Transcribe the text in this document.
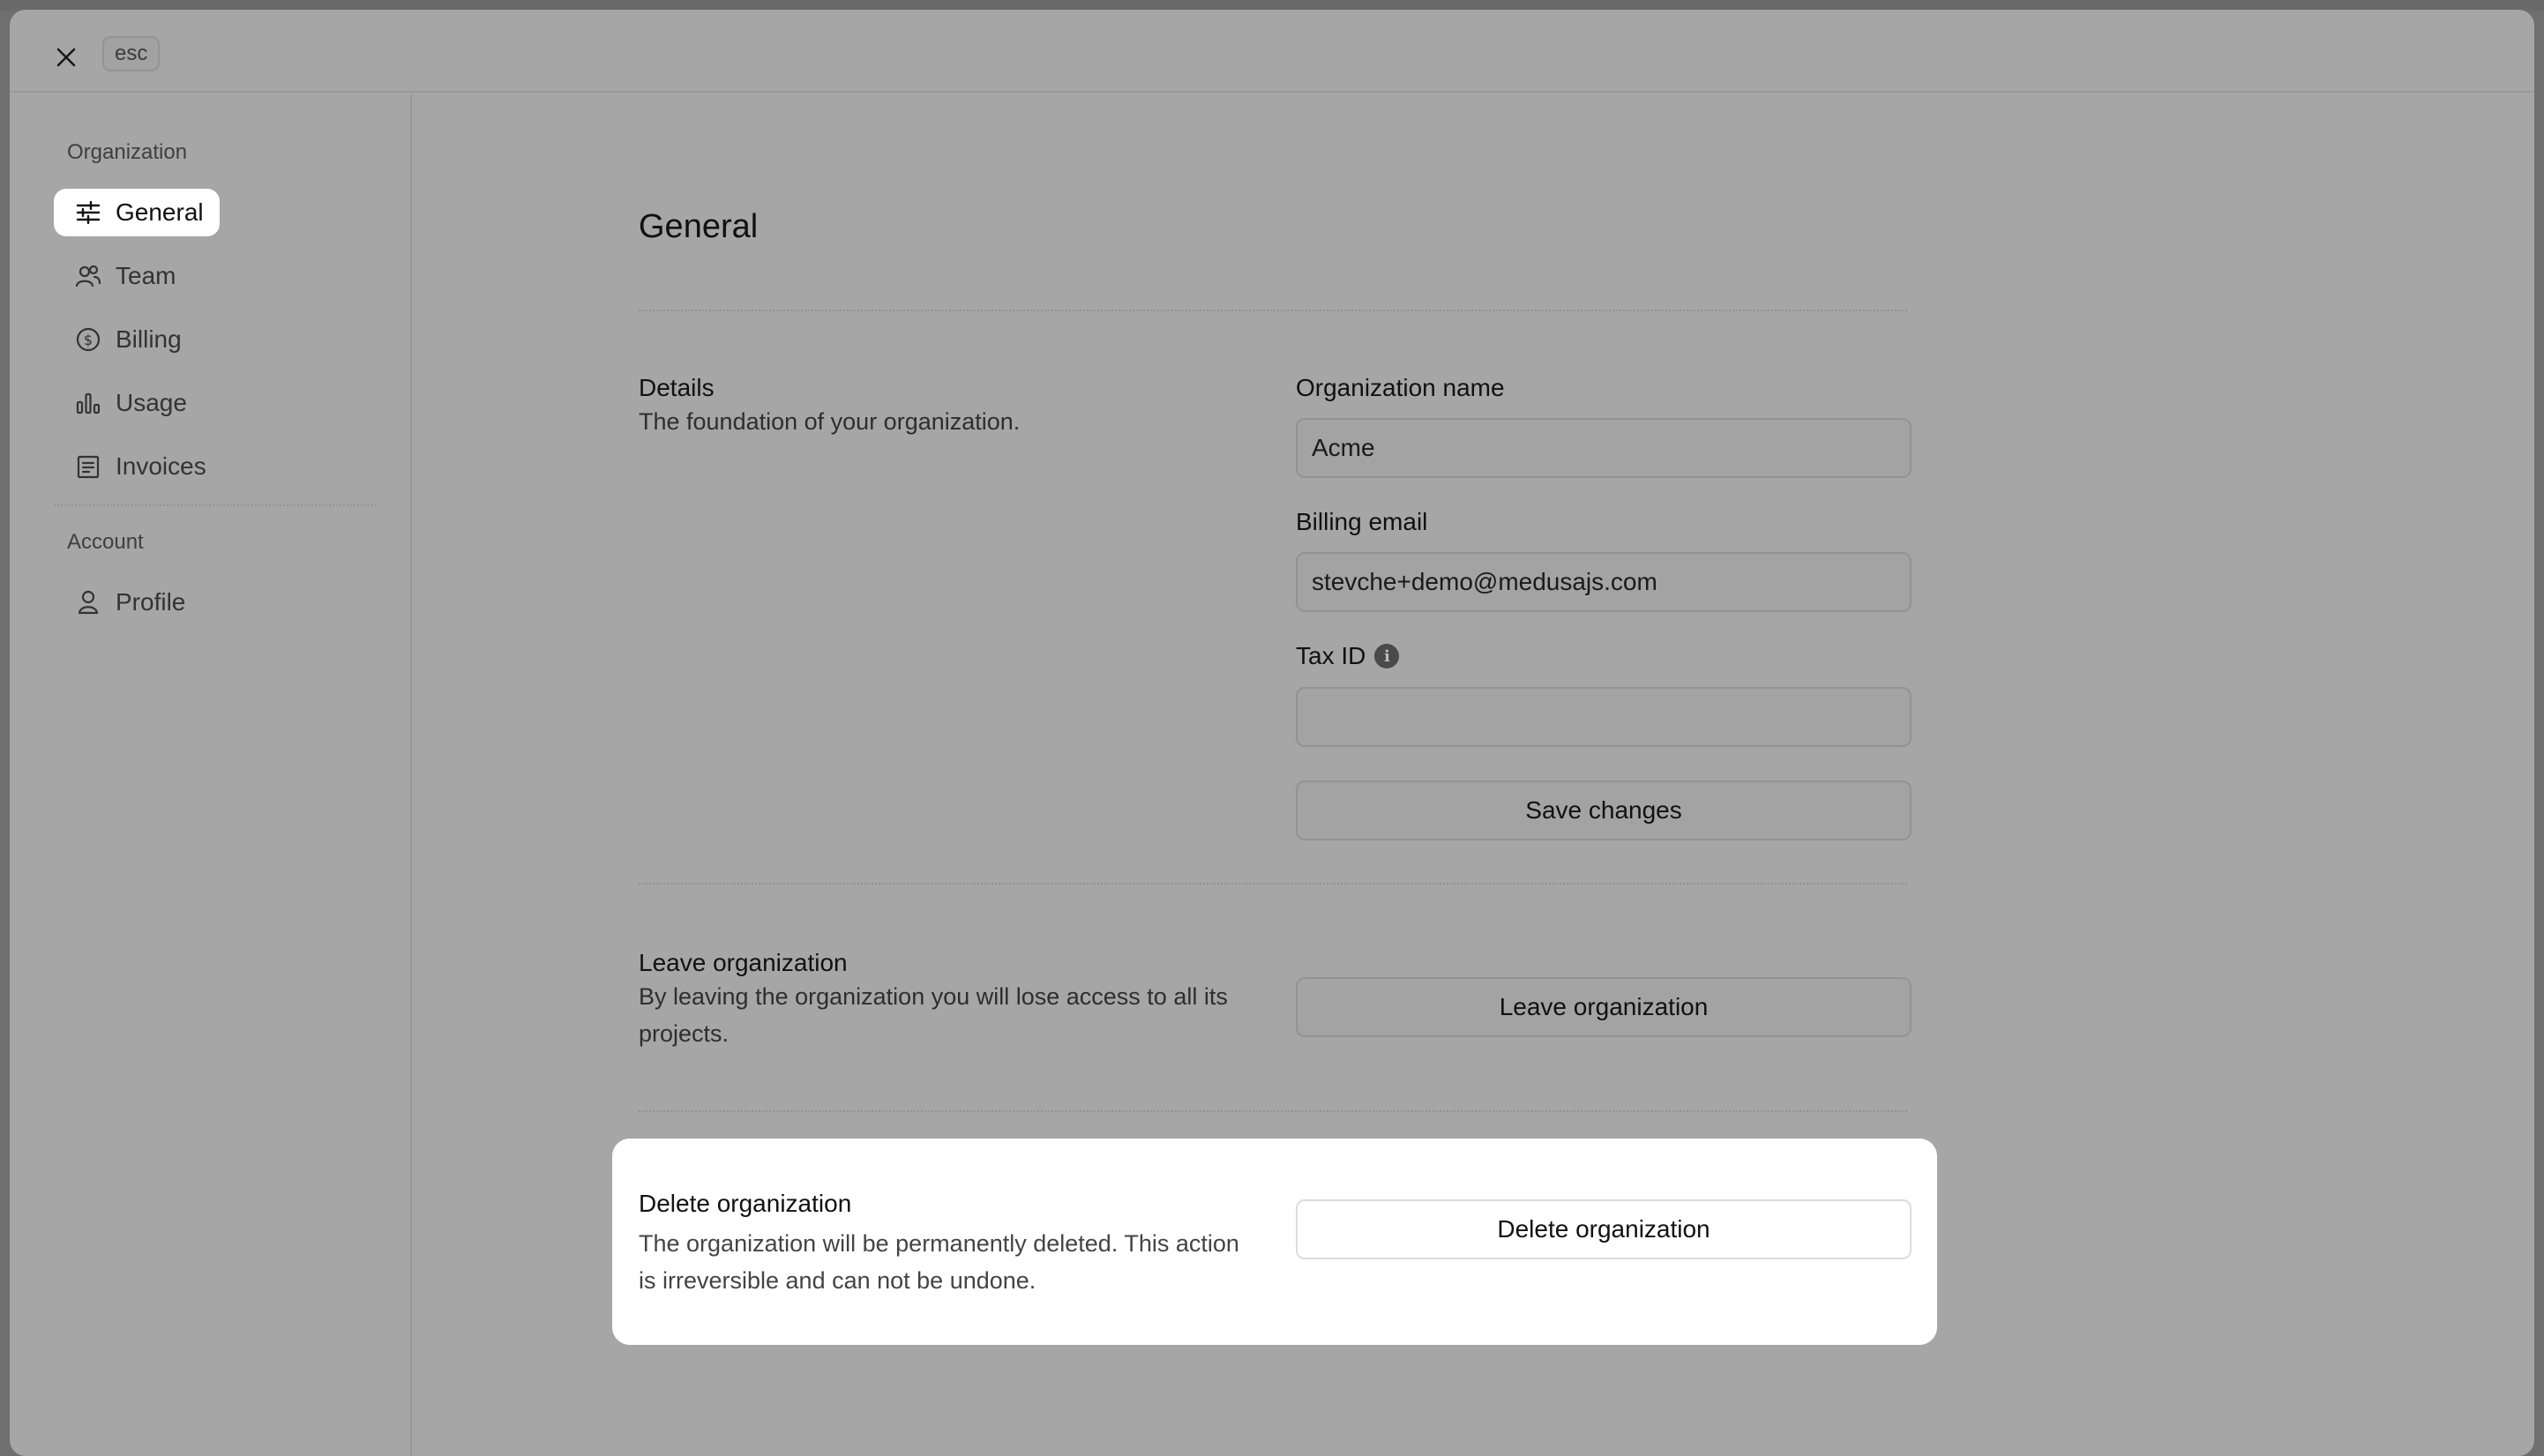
esc
Organization
General
Team
$ Billing
Usage
Invoices
Account
Profile
General
Details
The foundation of your organization.
Organization name
Acme
Billing email
stevche+demo@medusajs.com
Tax ID	i
Save changes
Leave organization
By leaving the organization you will lose access to all its projects.
Leave organization
Delete organization
The organization will be permanently deleted. This action is irreversible and can not be undone.
Delete organization
